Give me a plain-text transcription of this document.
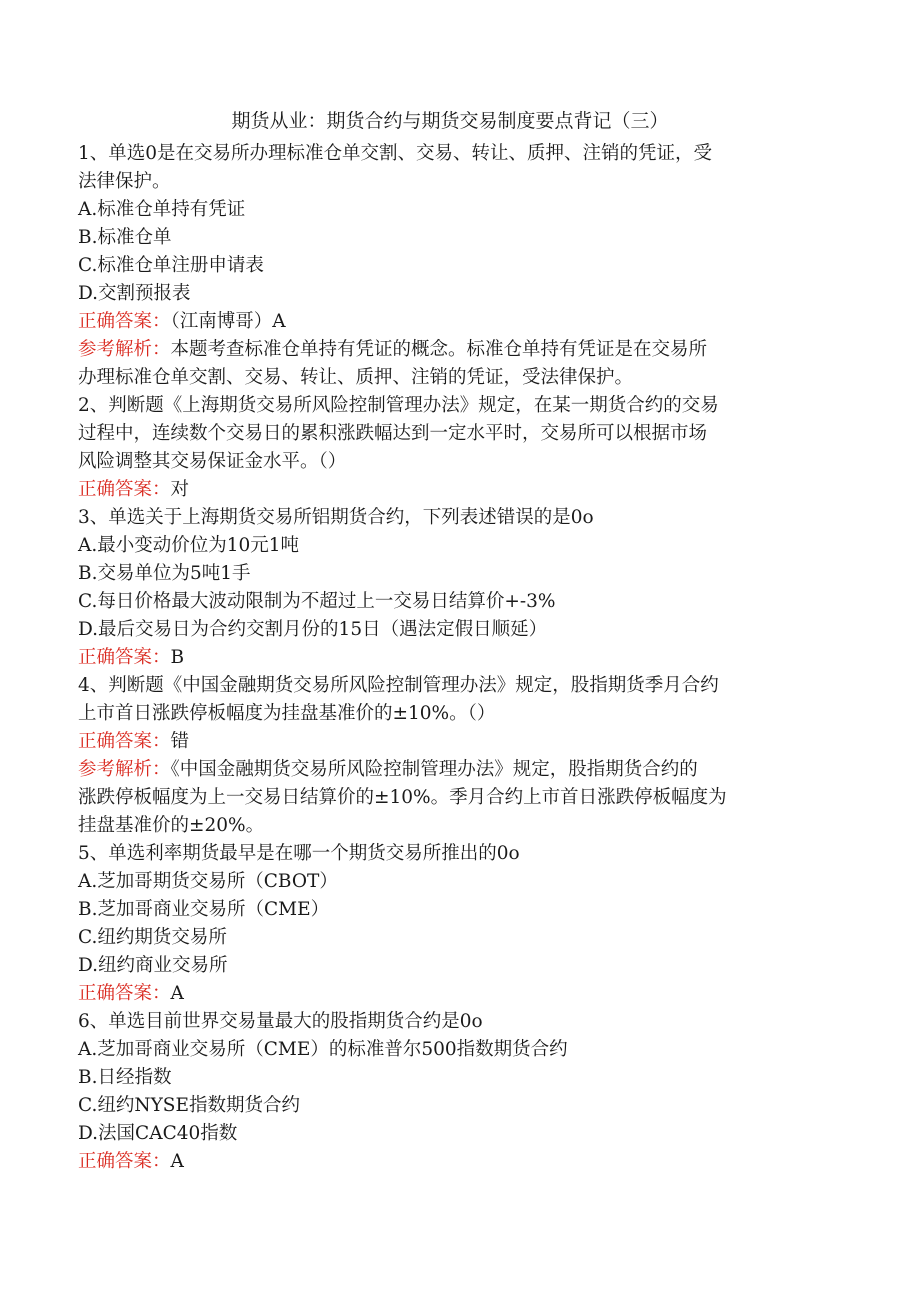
期货从业：期货合约与期货交易制度要点背记（三）
1、单选0是在交易所办理标准仓单交割、交易、转让、质押、注销的凭证，受
法律保护。
A.标准仓单持有凭证
B.标准仓单
C.标准仓单注册申请表
D.交割预报表
正确答案：（江南博哥）A
参考解析：本题考查标准仓单持有凭证的概念。标准仓单持有凭证是在交易所
办理标准仓单交割、交易、转让、质押、注销的凭证，受法律保护。
2、判断题《上海期货交易所风险控制管理办法》规定，在某一期货合约的交易
过程中，连续数个交易日的累积涨跌幅达到一定水平时，交易所可以根据市场
风险调整其交易保证金水平。（）
正确答案：对
3、单选关于上海期货交易所铝期货合约，下列表述错误的是0o
A.最小变动价位为10元1吨
B.交易单位为5吨1手
C.每日价格最大波动限制为不超过上一交易日结算价+-3%
D.最后交易日为合约交割月份的15日（遇法定假日顺延）
正确答案：B
4、判断题《中国金融期货交易所风险控制管理办法》规定，股指期货季月合约
上市首日涨跌停板幅度为挂盘基准价的±10%。（）
正确答案：错
参考解析：《中国金融期货交易所风险控制管理办法》规定，股指期货合约的
涨跌停板幅度为上一交易日结算价的±10%。季月合约上市首日涨跌停板幅度为
挂盘基准价的±20%。
5、单选利率期货最早是在哪一个期货交易所推出的0o
A.芝加哥期货交易所（CBOT）
B.芝加哥商业交易所（CME）
C.纽约期货交易所
D.纽约商业交易所
正确答案：A
6、单选目前世界交易量最大的股指期货合约是0o
A.芝加哥商业交易所（CME）的标准普尔500指数期货合约
B.日经指数
C.纽约NYSE指数期货合约
D.法国CAC40指数
正确答案：A
